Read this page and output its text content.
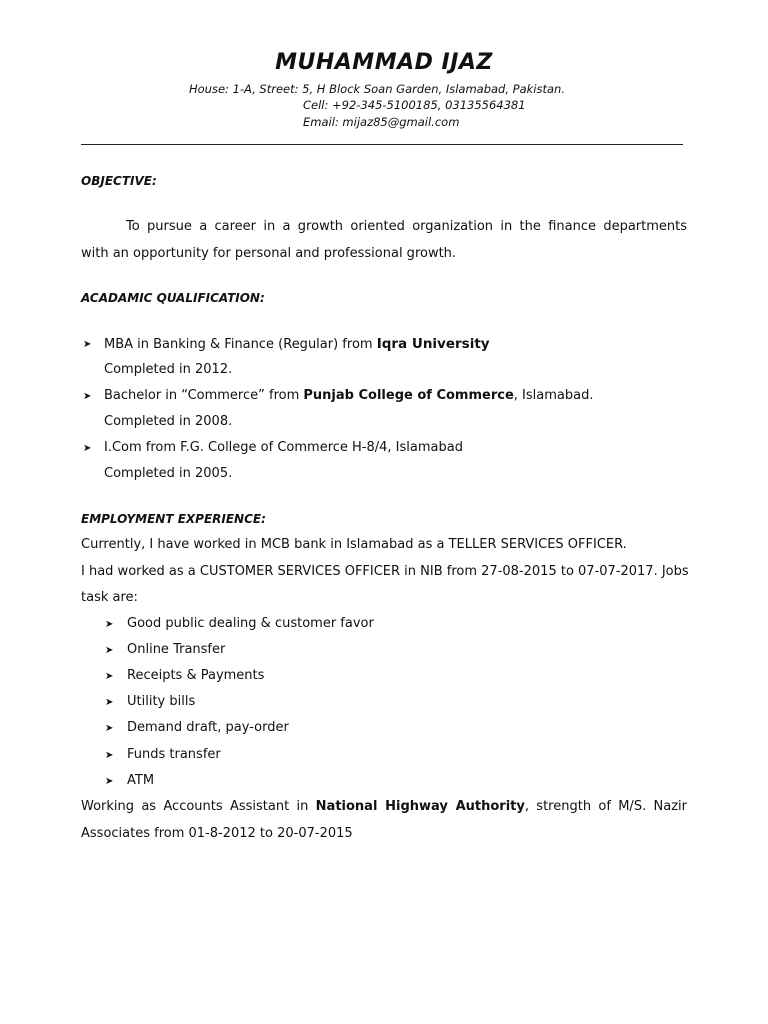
MUHAMMAD IJAZ
House: 1-A, Street: 5, H Block Soan Garden, Islamabad, Pakistan.
Cell: +92-345-5100185, 03135564381
Email: mijaz85@gmail.com
OBJECTIVE:
To pursue a career in a growth oriented organization in the finance departments
with an opportunity for personal and professional growth.
ACADAMIC QUALIFICATION:
➤ MBA in Banking & Finance (Regular) from Iqra University
Completed in 2012.
➤ Bachelor in “Commerce” from Punjab College of Commerce, Islamabad.
Completed in 2008.
➤ I.Com from F.G. College of Commerce H-8/4, Islamabad
Completed in 2005.
EMPLOYMENT EXPERIENCE:
Currently, I have worked in MCB bank in Islamabad as a TELLER SERVICES OFFICER.
I had worked as a CUSTOMER SERVICES OFFICER in NIB from 27-08-2015 to 07-07-2017. Jobs
task are:
➤ Good public dealing & customer favor
➤ Online Transfer
➤ Receipts & Payments
➤ Utility bills
➤ Demand draft, pay-order
➤ Funds transfer
➤ ATM
Working as Accounts Assistant in National Highway Authority, strength of M/S. Nazir
Associates from 01-8-2012 to 20-07-2015
